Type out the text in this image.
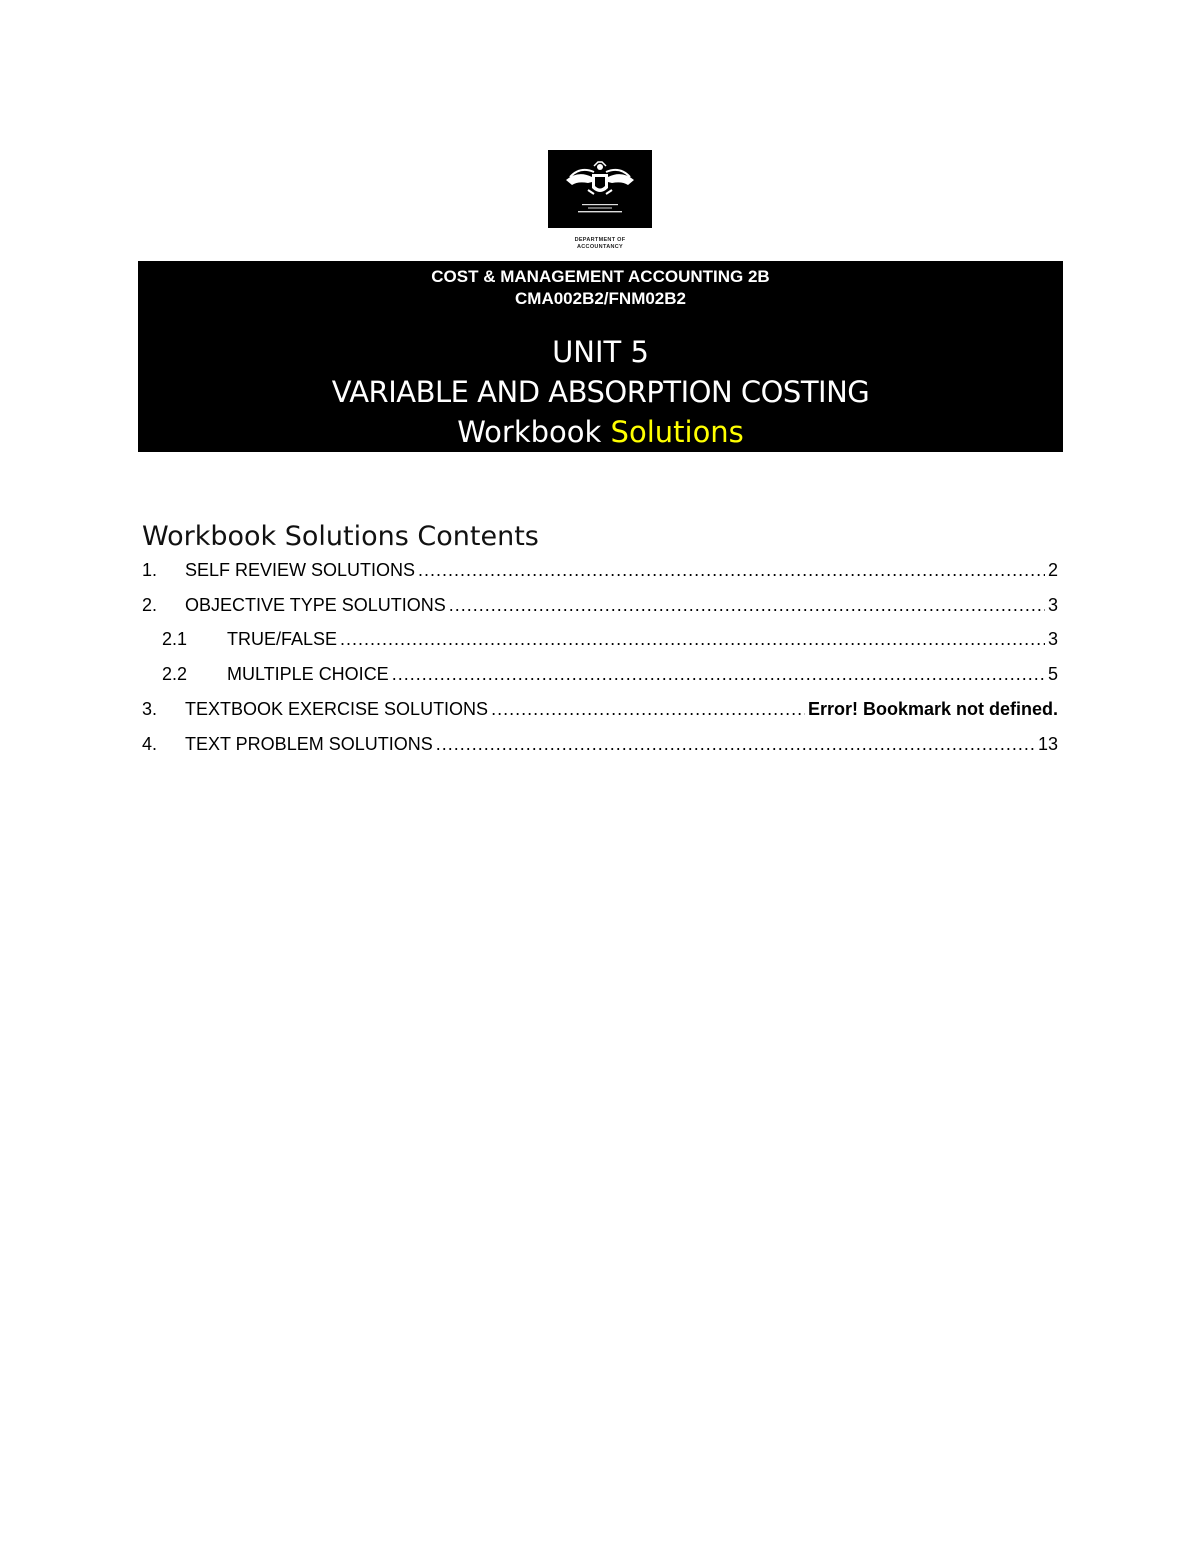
DEPARTMENT OF
ACCOUNTANCY
COST & MANAGEMENT ACCOUNTING 2B
CMA002B2/FNM02B2
UNIT 5
VARIABLE AND ABSORPTION COSTING
Workbook Solutions
Workbook Solutions Contents
1.	SELF REVIEW SOLUTIONS .....	2
2.	OBJECTIVE TYPE SOLUTIONS .....	3
2.1	TRUE/FALSE .....	3
2.2	MULTIPLE CHOICE .....	5
3.	TEXTBOOK EXERCISE SOLUTIONS .....	Error! Bookmark not defined.
4.	TEXT PROBLEM SOLUTIONS .....	13
